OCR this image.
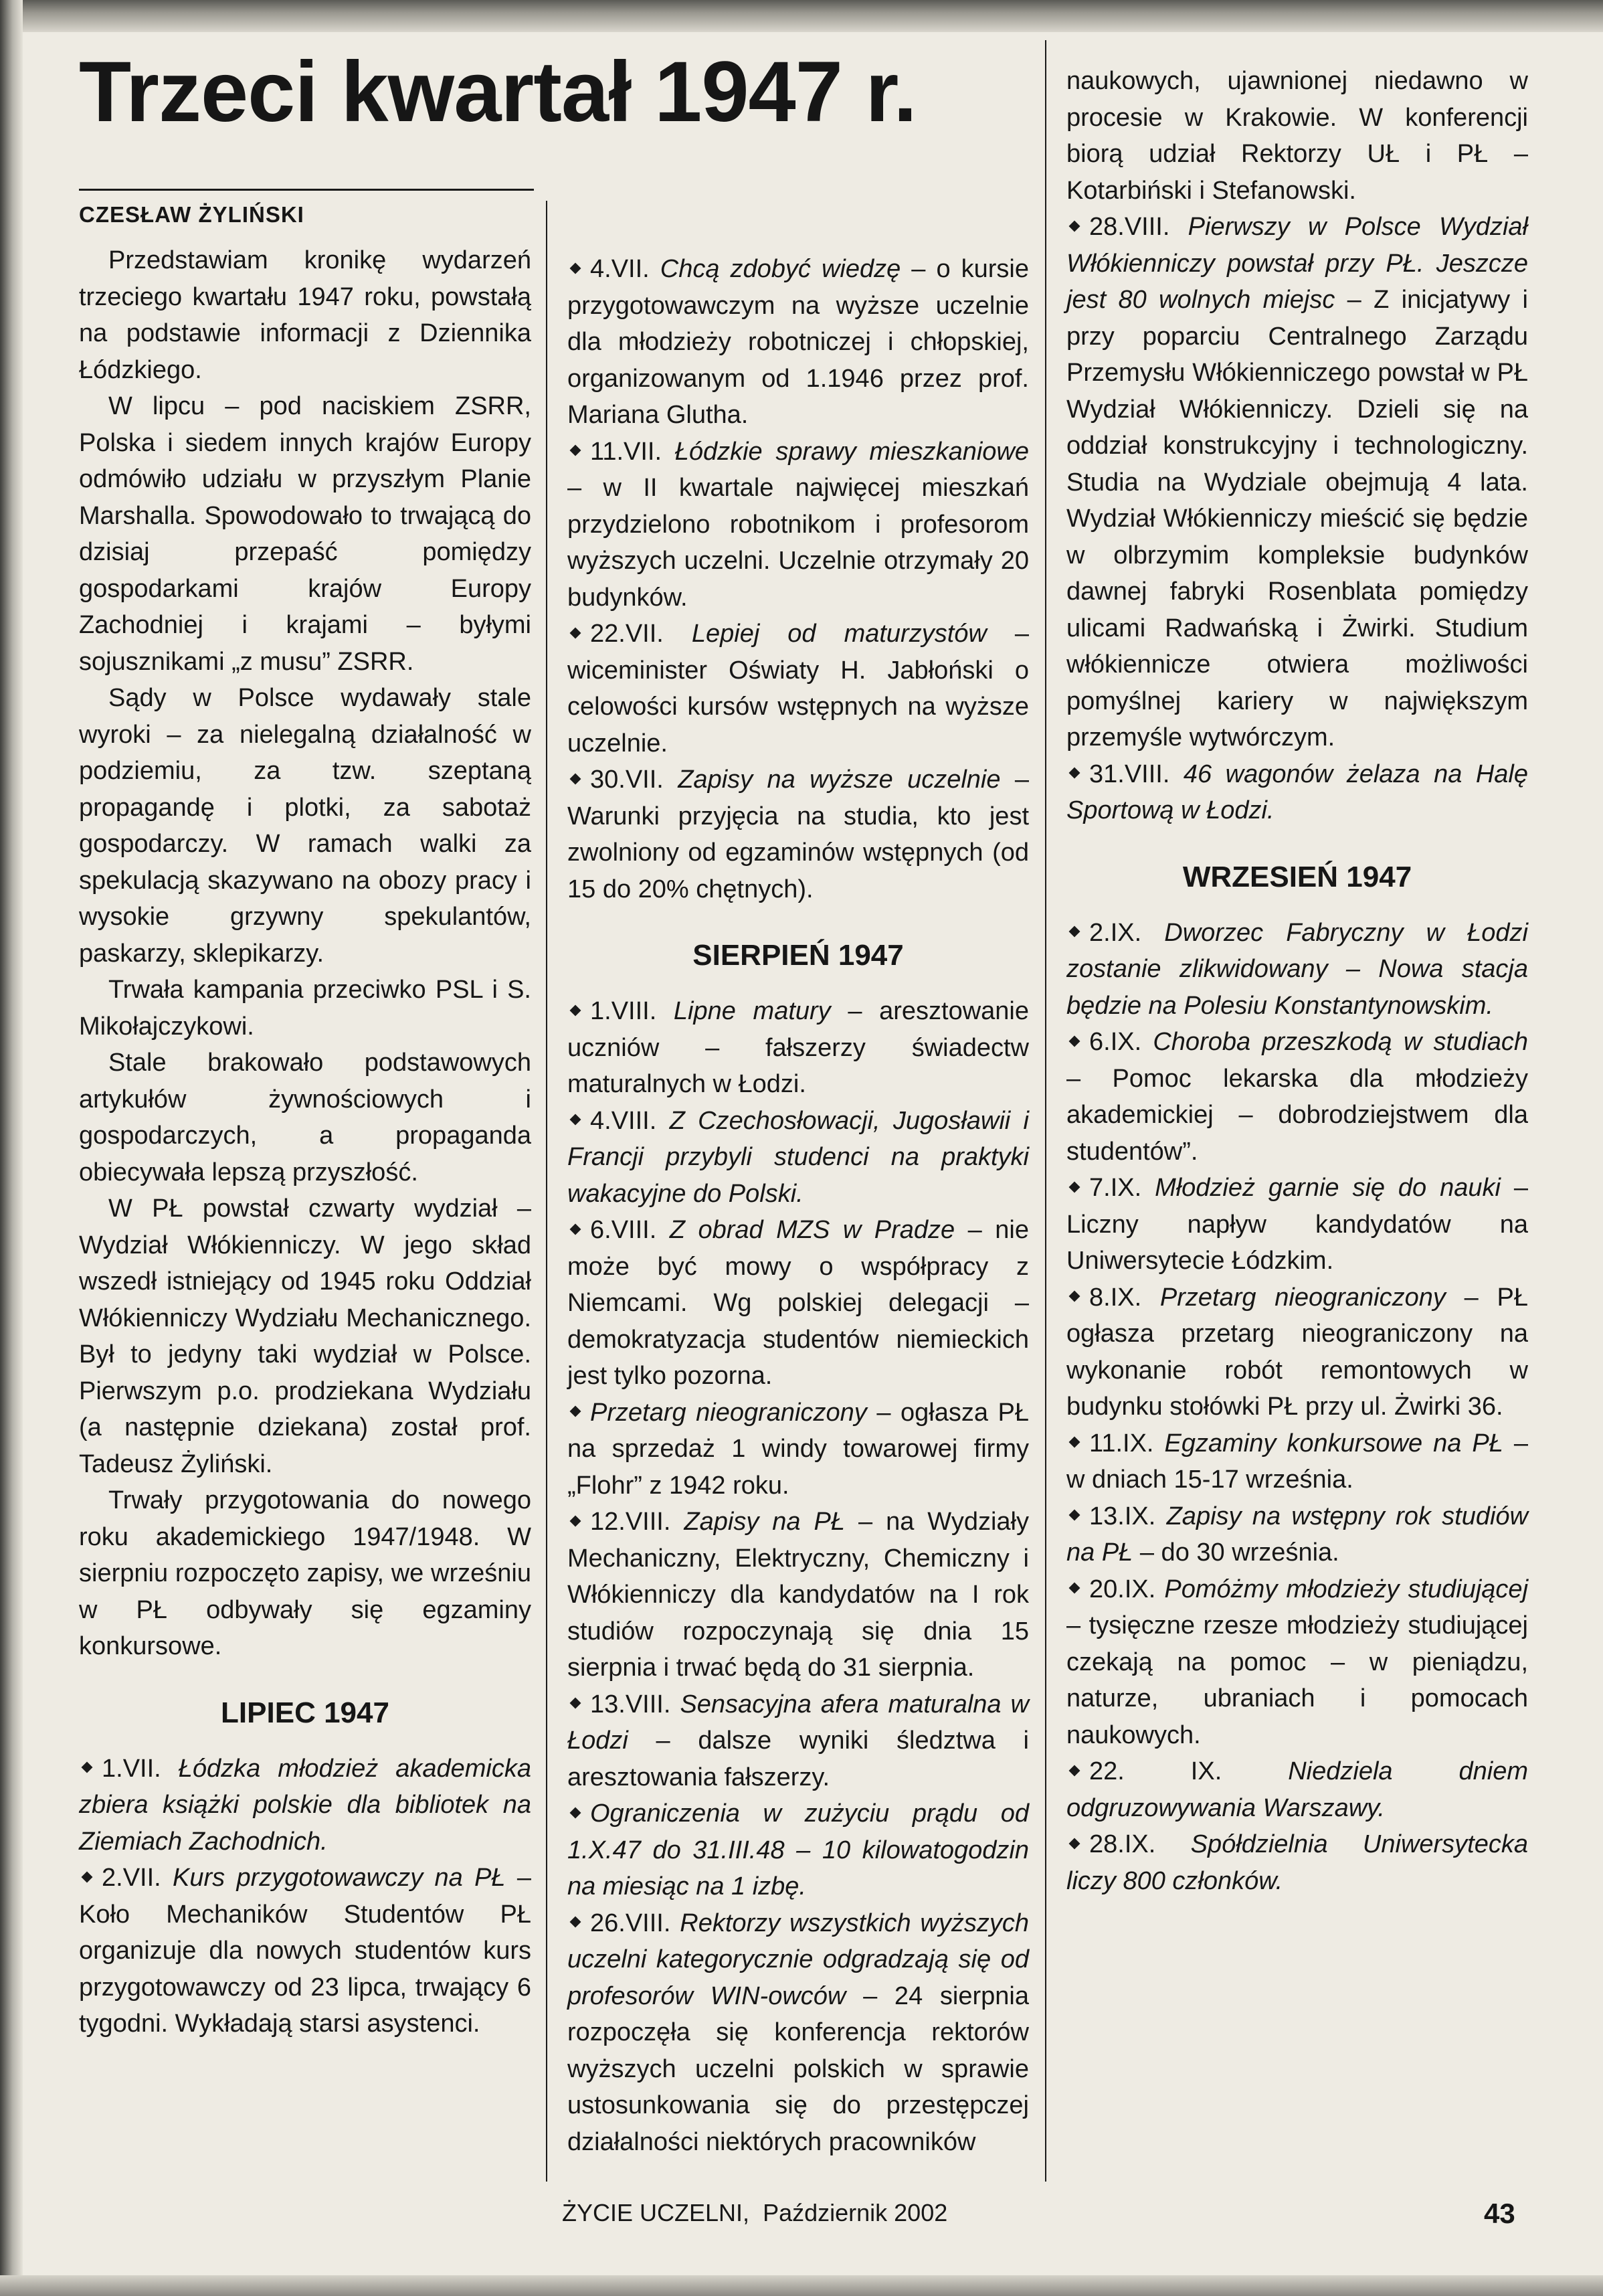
Trzeci kwartał 1947 r.
CZESŁAW ŻYLIŃSKI

Przedstawiam kronikę wydarzeń trzeciego kwartału 1947 roku, powstałą na podstawie informacji z Dziennika Łódzkiego.

W lipcu – pod naciskiem ZSRR, Polska i siedem innych krajów Europy odmówiło udziału w przyszłym Planie Marshalla. Spowodowało to trwającą do dzisiaj przepaść pomiędzy gospodarkami krajów Europy Zachodniej i krajami – byłymi sojusznikami „z musu” ZSRR.

Sądy w Polsce wydawały stale wyroki – za nielegalną działalność w podziemiu, za tzw. szeptaną propagandę i plotki, za sabotaż gospodarczy. W ramach walki za spekulacją skazywano na obozy pracy i wysokie grzywny spekulantów, paskarzy, sklepikarzy.

Trwała kampania przeciwko PSL i S. Mikołajczykowi.

Stale brakowało podstawowych artykułów żywnościowych i gospodarczych, a propaganda obiecywała lepszą przyszłość.

W PŁ powstał czwarty wydział – Wydział Włókienniczy. W jego skład wszedł istniejący od 1945 roku Oddział Włókienniczy Wydziału Mechanicznego. Był to jedyny taki wydział w Polsce. Pierwszym p.o. prodziekana Wydziału (a następnie dziekana) został prof. Tadeusz Żyliński.

Trwały przygotowania do nowego roku akademickiego 1947/1948. W sierpniu rozpoczęto zapisy, we wrześniu w PŁ odbywały się egzaminy konkursowe.

LIPIEC 1947

1.VII. Łódzka młodzież akademicka zbiera książki polskie dla bibliotek na Ziemiach Zachodnich.

2.VII. Kurs przygotowawczy na PŁ – Koło Mechaników Studentów PŁ organizuje dla nowych studentów kurs przygotowawczy od 23 lipca, trwający 6 tygodni. Wykładają starsi asystenci.

4.VII. Chcą zdobyć wiedzę – o kursie przygotowawczym na wyższe uczelnie dla młodzieży robotniczej i chłopskiej, organizowanym od 1.1946 przez prof. Mariana Glutha.

11.VII. Łódzkie sprawy mieszkaniowe – w II kwartale najwięcej mieszkań przydzielono robotnikom i profesorom wyższych uczelni. Uczelnie otrzymały 20 budynków.

22.VII. Lepiej od maturzystów – wiceminister Oświaty H. Jabłoński o celowości kursów wstępnych na wyższe uczelnie.

30.VII. Zapisy na wyższe uczelnie – Warunki przyjęcia na studia, kto jest zwolniony od egzaminów wstępnych (od 15 do 20% chętnych).

SIERPIEŃ 1947

1.VIII. Lipne matury – aresztowanie uczniów – fałszerzy świadectw maturalnych w Łodzi.

4.VIII. Z Czechosłowacji, Jugosławii i Francji przybyli studenci na praktyki wakacyjne do Polski.

6.VIII. Z obrad MZS w Pradze – nie może być mowy o współpracy z Niemcami. Wg polskiej delegacji – demokratyzacja studentów niemieckich jest tylko pozorna.

Przetarg nieograniczony – ogłasza PŁ na sprzedaż 1 windy towarowej firmy „Flohr” z 1942 roku.

12.VIII. Zapisy na PŁ – na Wydziały Mechaniczny, Elektryczny, Chemiczny i Włókienniczy dla kandydatów na I rok studiów rozpoczynają się dnia 15 sierpnia i trwać będą do 31 sierpnia.

13.VIII. Sensacyjna afera maturalna w Łodzi – dalsze wyniki śledztwa i aresztowania fałszerzy.

Ograniczenia w zużyciu prądu od 1.X.47 do 31.III.48 – 10 kilowatogodzin na miesiąc na 1 izbę.

26.VIII. Rektorzy wszystkich wyższych uczelni kategorycznie odgradzają się od profesorów WIN-owców – 24 sierpnia rozpoczęła się konferencja rektorów wyższych uczelni polskich w sprawie ustosunkowania się do przestępczej działalności niektórych pracowników

naukowych, ujawnionej niedawno w procesie w Krakowie. W konferencji biorą udział Rektorzy UŁ i PŁ – Kotarbiński i Stefanowski.

28.VIII. Pierwszy w Polsce Wydział Włókienniczy powstał przy PŁ. Jeszcze jest 80 wolnych miejsc – Z inicjatywy i przy poparciu Centralnego Zarządu Przemysłu Włókienniczego powstał w PŁ Wydział Włókienniczy. Dzieli się na oddział konstrukcyjny i technologiczny. Studia na Wydziale obejmują 4 lata. Wydział Włókienniczy mieścić się będzie w olbrzymim kompleksie budynków dawnej fabryki Rosenblata pomiędzy ulicami Radwańską i Żwirki. Studium włókiennicze otwiera możliwości pomyślnej kariery w największym przemyśle wytwórczym.

31.VIII. 46 wagonów żelaza na Halę Sportową w Łodzi.

WRZESIEŃ 1947

2.IX. Dworzec Fabryczny w Łodzi zostanie zlikwidowany – Nowa stacja będzie na Polesiu Konstantynowskim.

6.IX. Choroba przeszkodą w studiach – Pomoc lekarska dla młodzieży akademickiej – dobrodziejstwem dla studentów”.

7.IX. Młodzież garnie się do nauki – Liczny napływ kandydatów na Uniwersytecie Łódzkim.

8.IX. Przetarg nieograniczony – PŁ ogłasza przetarg nieograniczony na wykonanie robót remontowych w budynku stołówki PŁ przy ul. Żwirki 36.

11.IX. Egzaminy konkursowe na PŁ – w dniach 15-17 września.

13.IX. Zapisy na wstępny rok studiów na PŁ – do 30 września.

20.IX. Pomóżmy młodzieży studiującej – tysięczne rzesze młodzieży studiującej czekają na pomoc – w pieniądzu, naturze, ubraniach i pomocach naukowych.

22. IX.	Niedziela dniem odgruzowywania Warszawy.

28.IX. Spółdzielnia Uniwersytecka liczy 800 członków.

ŻYCIE UCZELNI, Październik 2002	43
